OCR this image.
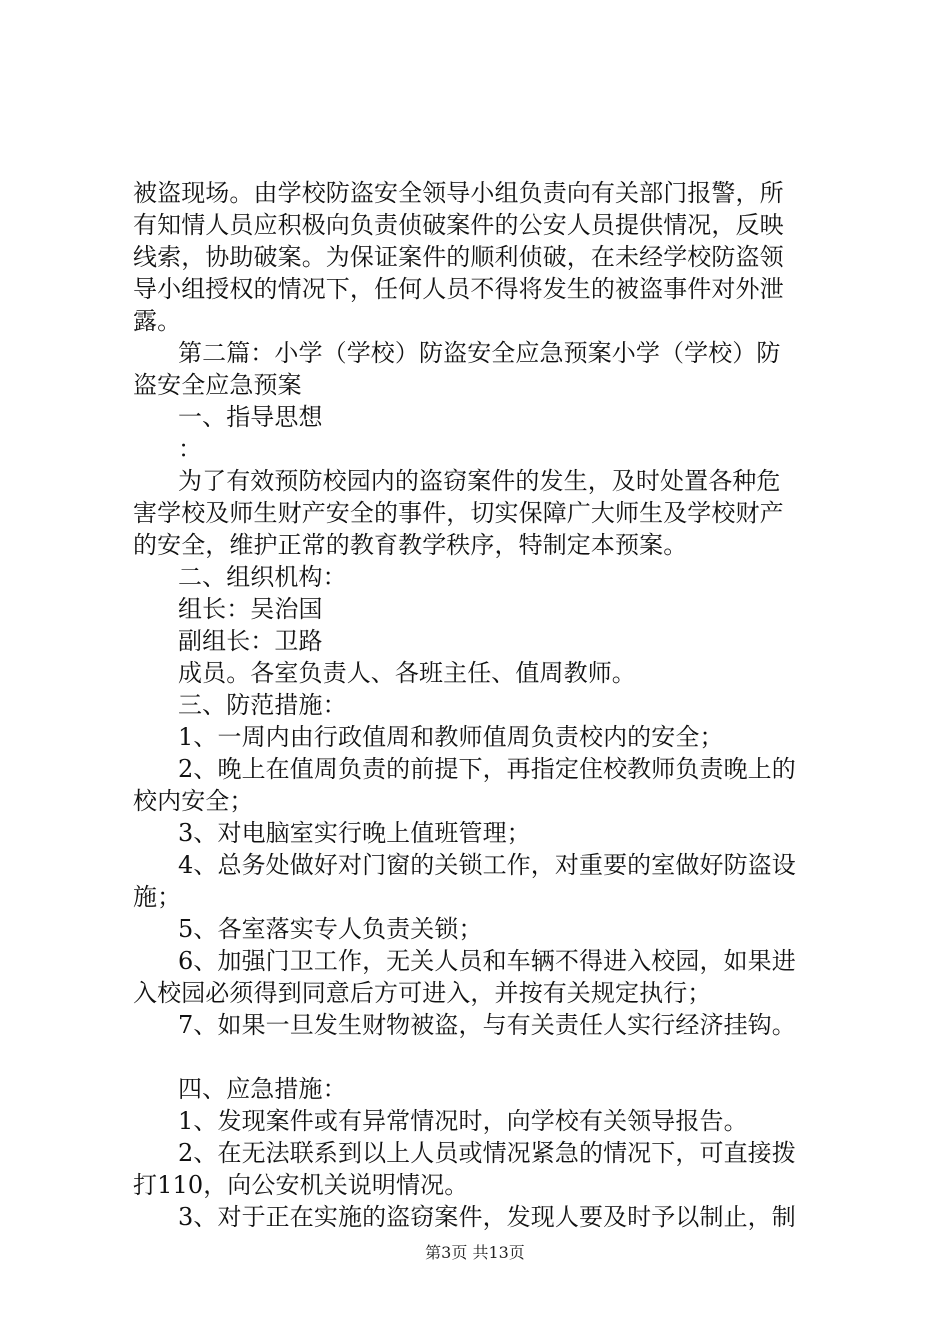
被盗现场。由学校防盗安全领导小组负责向有关部门报警，所
有知情人员应积极向负责侦破案件的公安人员提供情况，反映
线索，协助破案。为保证案件的顺利侦破，在未经学校防盗领
导小组授权的情况下，任何人员不得将发生的被盗事件对外泄
露。
第二篇：小学（学校）防盗安全应急预案小学（学校）防
盗安全应急预案
一、指导思想
：
为了有效预防校园内的盗窃案件的发生，及时处置各种危
害学校及师生财产安全的事件，切实保障广大师生及学校财产
的安全，维护正常的教育教学秩序，特制定本预案。
二、组织机构：
组长：吴治国
副组长：卫路
成员。各室负责人、各班主任、值周教师。
三、防范措施：
1、一周内由行政值周和教师值周负责校内的安全；
2、晚上在值周负责的前提下，再指定住校教师负责晚上的
校内安全；
3、对电脑室实行晚上值班管理；
4、总务处做好对门窗的关锁工作，对重要的室做好防盗设
施；
5、各室落实专人负责关锁；
6、加强门卫工作，无关人员和车辆不得进入校园，如果进
入校园必须得到同意后方可进入，并按有关规定执行；
7、如果一旦发生财物被盗，与有关责任人实行经济挂钩。
四、应急措施：
1、发现案件或有异常情况时，向学校有关领导报告。
2、在无法联系到以上人员或情况紧急的情况下，可直接拨
打110，向公安机关说明情况。
3、对于正在实施的盗窃案件，发现人要及时予以制止，制
第3页 共13页
